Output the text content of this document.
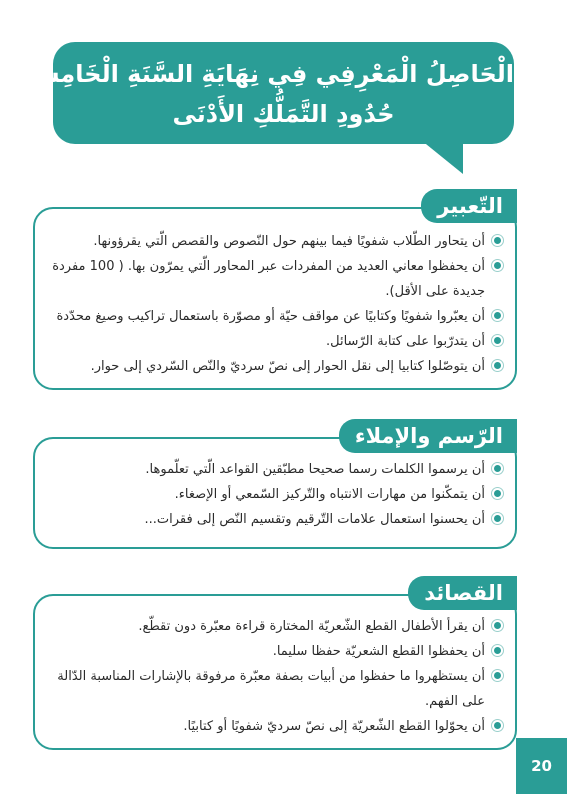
الْحَاصِلُ الْمَعْرِفِي فِي نِهَايَةِ السَّنَةِ الْخَامِسَةِ
حُدُودِ التَّمَلُّكِ الأَدْنَى
التّعبير
أن يتحاور الطّلاب شفويًا فيما بينهم حول النّصوص والقصص الّتي يقرؤونها.
أن يحفظوا معاني العديد من المفردات عبر المحاور الّتي يمرّون بها. ( 100 مفردة جديدة على الأقل).
أن يعبّروا شفويًا وكتابيًا عن مواقف حيّة أو مصوّرة باستعمال تراكيب وصيغ محدّدة
أن يتدرّبوا على كتابة الرّسائل.
أن يتوصّلوا كتابيا إلى نقل الحوار إلى نصّ سرديّ والنّص السّردي إلى حوار.
الرّسم والإملاء
أن يرسموا الكلمات رسما صحيحا مطبّقين القواعد الّتي تعلّموها.
أن يتمكّنوا من مهارات الانتباه والتّركيز السّمعي أو الإصغاء.
أن يحسنوا استعمال علامات التّرقيم وتقسيم النّص إلى فقرات...
القصائد
أن يقرأ الأطفال القطع الشّعريّة المختارة قراءة معبّرة دون تقطّع.
أن يحفظوا القطع الشعريّة حفظا سليما.
أن يستظهروا ما حفظوا من أبيات بصفة معبّرة مرفوقة بالإشارات المناسبة الدّالة على الفهم.
أن يحوّلوا القطع الشّعريّة إلى نصّ سرديّ شفويًا أو كتابيًا.
20
